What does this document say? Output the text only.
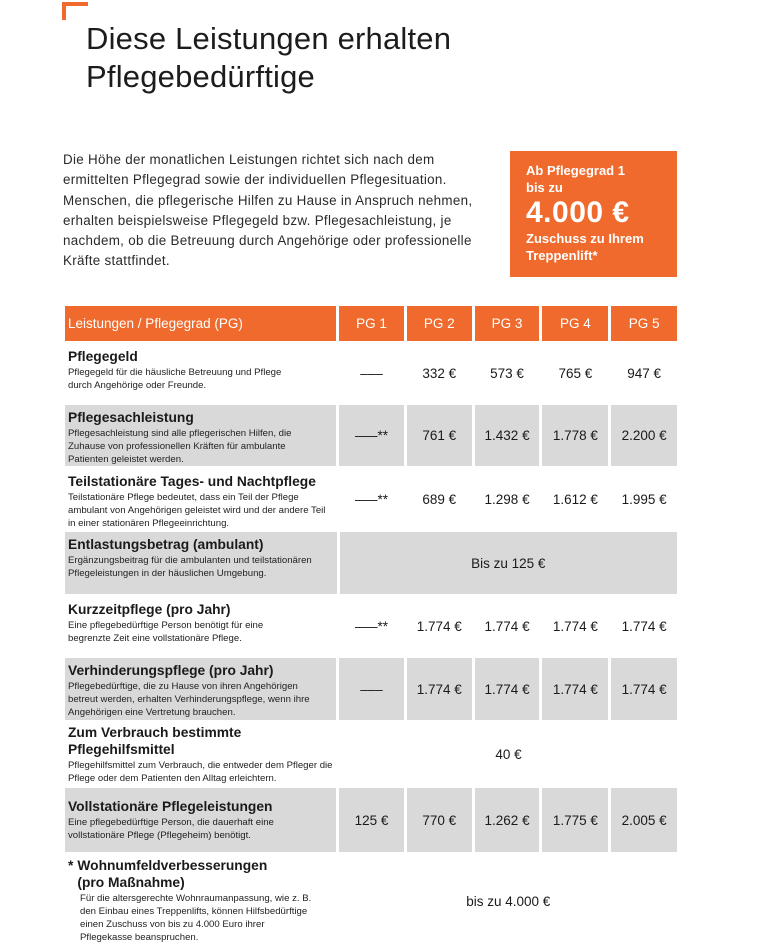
Diese Leistungen erhalten
Pflegebedürftige

Die Höhe der monatlichen Leistungen richtet sich nach dem ermittelten Pflegegrad sowie der individuellen Pflegesituation. Menschen, die pflegerische Hilfen zu Hause in Anspruch nehmen, erhalten beispielsweise Pflegegeld bzw. Pflegesachleistung, je nachdem, ob die Betreuung durch Angehörige oder professionelle Kräfte stattfindet.

Ab Pflegegrad 1
bis zu
4.000 €
Zuschuss zu Ihrem
Treppenlift*
Leistungen / Pflegegrad (PG)	PG 1	PG 2	PG 3	PG 4	PG 5
Pflegegeld
Pflegegeld für die häusliche Betreuung und Pflege durch Angehörige oder Freunde.
–––	332 €	573 €	765 €	947 €
Pflegesachleistung
Pflegesachleistung sind alle pflegerischen Hilfen, die Zuhause von professionellen Kräften für ambulante Patienten geleistet werden.
–––**	761 €	1.432 €	1.778 €	2.200 €
Teilstationäre Tages- und Nachtpflege
Teilstationäre Pflege bedeutet, dass ein Teil der Pflege ambulant von Angehörigen geleistet wird und der andere Teil in einer stationären Pflegeeinrichtung.
–––**	689 €	1.298 €	1.612 €	1.995 €
Entlastungsbetrag (ambulant)
Ergänzungsbeitrag für die ambulanten und teilstationären Pflegeleistungen in der häuslichen Umgebung.
Bis zu 125 €
Kurzzeitpflege (pro Jahr)
Eine pflegebedürftige Person benötigt für eine begrenzte Zeit eine vollstationäre Pflege.
–––**	1.774 €	1.774 €	1.774 €	1.774 €
Verhinderungspflege (pro Jahr)
Pflegebedürftige, die zu Hause von ihren Angehörigen betreut werden, erhalten Verhinderungspflege, wenn ihre Angehörigen eine Vertretung brauchen.
–––	1.774 €	1.774 €	1.774 €	1.774 €
Zum Verbrauch bestimmte Pflegehilfsmittel
Pflegehilfsmittel zum Verbrauch, die entweder dem Pfleger die Pflege oder dem Patienten den Alltag erleichtern.
40 €
Vollstationäre Pflegeleistungen
Eine pflegebedürftige Person, die dauerhaft eine vollstationäre Pflege (Pflegeheim) benötigt.
125 €	770 €	1.262 €	1.775 €	2.005 €
* Wohnumfeldverbesserungen (pro Maßnahme)
Für die altersgerechte Wohnraumanpassung, wie z. B. den Einbau eines Treppenlifts, können Hilfsbedürftige einen Zuschuss von bis zu 4.000 Euro ihrer Pflegekasse beanspruchen.
bis zu 4.000 €
